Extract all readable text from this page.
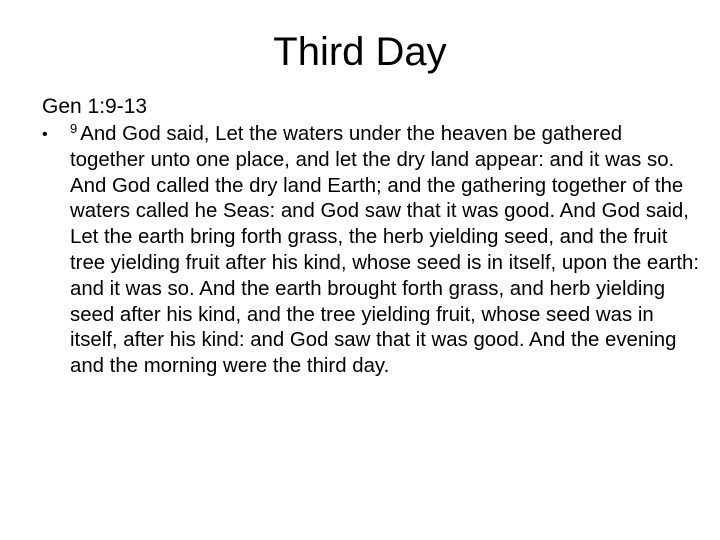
Third Day

Gen 1:9-13

• $^9$ And God said, Let the waters under the heaven be gathered together unto one place, and let the dry land appear: and it was so. And God called the dry land Earth; and the gathering together of the waters called he Seas: and God saw that it was good. And God said, Let the earth bring forth grass, the herb yielding seed, and the fruit tree yielding fruit after his kind, whose seed is in itself, upon the earth: and it was so. And the earth brought forth grass, and herb yielding seed after his kind, and the tree yielding fruit, whose seed was in itself, after his kind: and God saw that it was good. And the evening and the morning were the third day.
